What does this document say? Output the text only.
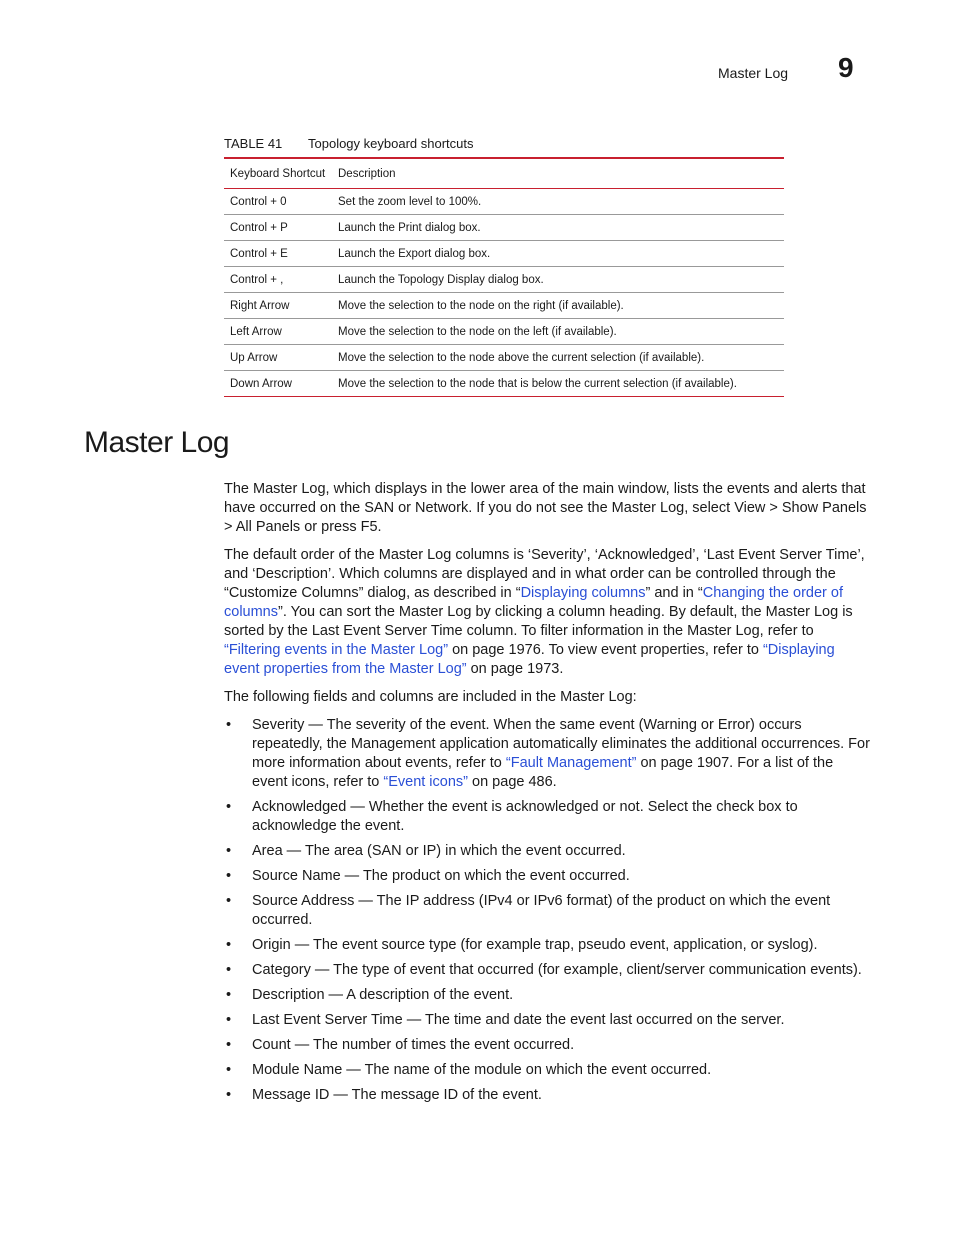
Master Log 9
TABLE 41 Topology keyboard shortcuts
Keyboard Shortcut	Description
Control + 0	Set the zoom level to 100%.
Control + P	Launch the Print dialog box.
Control + E	Launch the Export dialog box.
Control + ,	Launch the Topology Display dialog box.
Right Arrow	Move the selection to the node on the right (if available).
Left Arrow	Move the selection to the node on the left (if available).
Up Arrow	Move the selection to the node above the current selection (if available).
Down Arrow	Move the selection to the node that is below the current selection (if available).
Master Log

The Master Log, which displays in the lower area of the main window, lists the events and alerts that have occurred on the SAN or Network. If you do not see the Master Log, select View > Show Panels > All Panels or press F5.

The default order of the Master Log columns is ‘Severity’, ‘Acknowledged’, ‘Last Event Server Time’, and ‘Description’. Which columns are displayed and in what order can be controlled through the “Customize Columns” dialog, as described in “Displaying columns” and in “Changing the order of columns”. You can sort the Master Log by clicking a column heading. By default, the Master Log is sorted by the Last Event Server Time column. To filter information in the Master Log, refer to “Filtering events in the Master Log” on page 1976. To view event properties, refer to “Displaying event properties from the Master Log” on page 1973.

The following fields and columns are included in the Master Log:

• Severity — The severity of the event. When the same event (Warning or Error) occurs repeatedly, the Management application automatically eliminates the additional occurrences. For more information about events, refer to “Fault Management” on page 1907. For a list of the event icons, refer to “Event icons” on page 486.
• Acknowledged — Whether the event is acknowledged or not. Select the check box to acknowledge the event.
• Area — The area (SAN or IP) in which the event occurred.
• Source Name — The product on which the event occurred.
• Source Address — The IP address (IPv4 or IPv6 format) of the product on which the event occurred.
• Origin — The event source type (for example trap, pseudo event, application, or syslog).
• Category — The type of event that occurred (for example, client/server communication events).
• Description — A description of the event.
• Last Event Server Time — The time and date the event last occurred on the server.
• Count — The number of times the event occurred.
• Module Name — The name of the module on which the event occurred.
• Message ID — The message ID of the event.
